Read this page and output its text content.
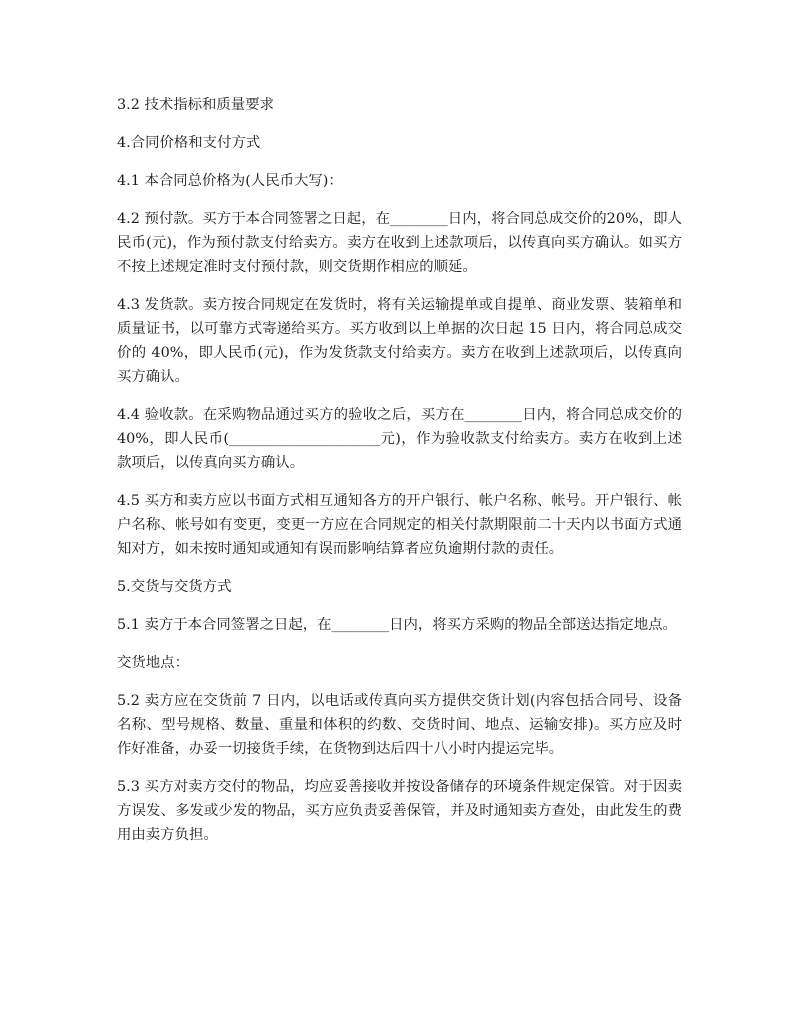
3.2 技术指标和质量要求

4.合同价格和支付方式

4.1 本合同总价格为(人民币大写)：

4.2 预付款。买方于本合同签署之日起，在________日内，将合同总成交价的20%，即人民币(元)，作为预付款支付给卖方。卖方在收到上述款项后，以传真向买方确认。如买方不按上述规定准时支付预付款，则交货期作相应的顺延。

4.3 发货款。卖方按合同规定在发货时，将有关运输提单或自提单、商业发票、装箱单和质量证书，以可靠方式寄递给买方。买方收到以上单据的次日起 15 日内，将合同总成交价的 40%，即人民币(元)，作为发货款支付给卖方。卖方在收到上述款项后，以传真向买方确认。

4.4 验收款。在采购物品通过买方的验收之后，买方在________日内，将合同总成交价的 40%，即人民币(_____________________元)，作为验收款支付给卖方。卖方在收到上述款项后，以传真向买方确认。

4.5 买方和卖方应以书面方式相互通知各方的开户银行、帐户名称、帐号。开户银行、帐户名称、帐号如有变更，变更一方应在合同规定的相关付款期限前二十天内以书面方式通知对方，如未按时通知或通知有误而影响结算者应负逾期付款的责任。

5.交货与交货方式

5.1 卖方于本合同签署之日起，在________日内，将买方采购的物品全部送达指定地点。

交货地点：

5.2 卖方应在交货前 7 日内，以电话或传真向买方提供交货计划(内容包括合同号、设备名称、型号规格、数量、重量和体积的约数、交货时间、地点、运输安排)。买方应及时作好准备，办妥一切接货手续，在货物到达后四十八小时内提运完毕。

5.3 买方对卖方交付的物品，均应妥善接收并按设备储存的环境条件规定保管。对于因卖方误发、多发或少发的物品，买方应负责妥善保管，并及时通知卖方查处，由此发生的费用由卖方负担。
